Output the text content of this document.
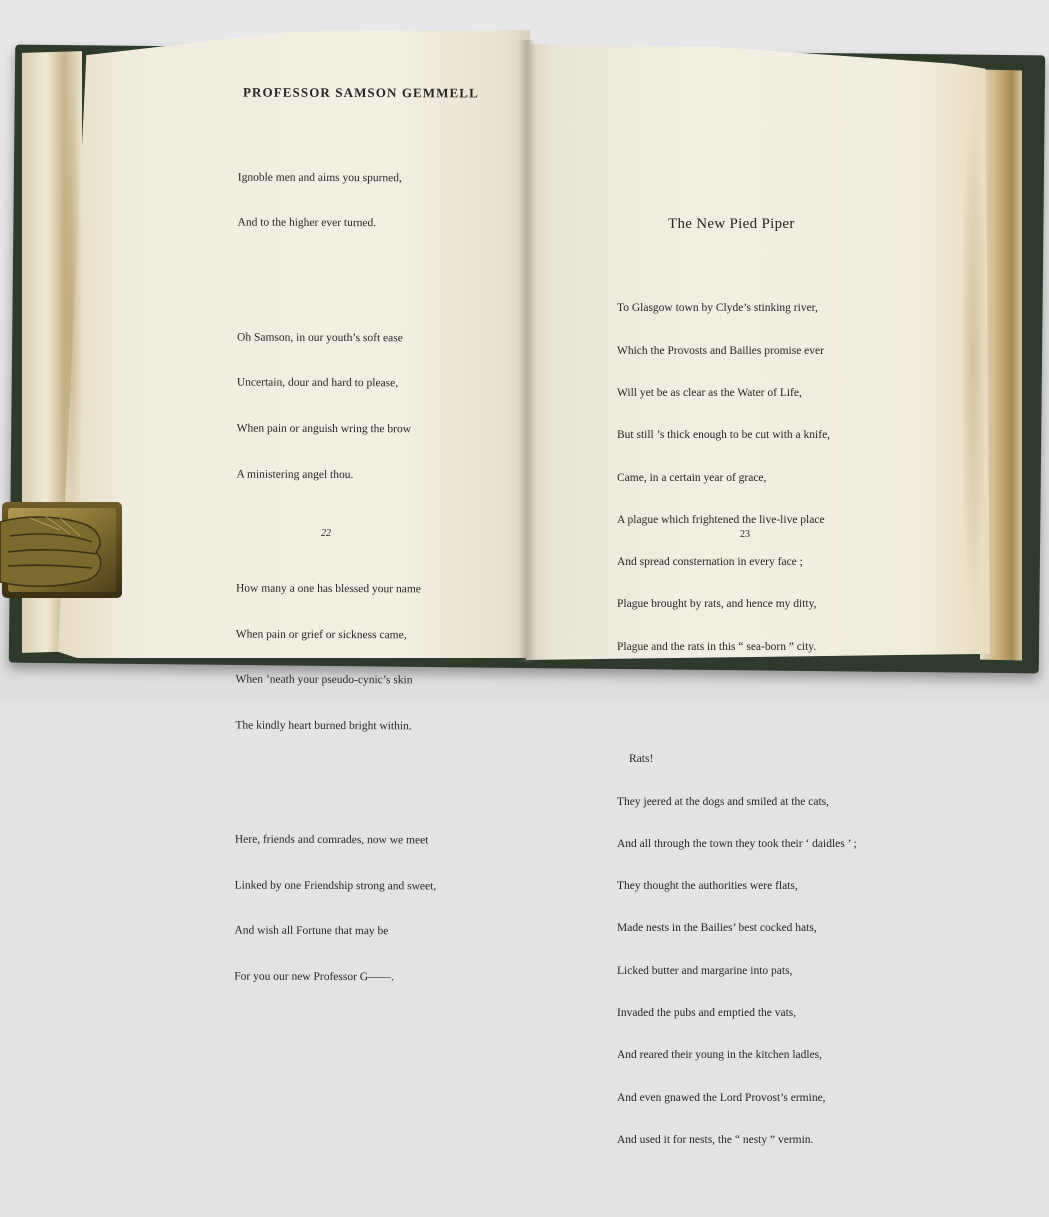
PROFESSOR SAMSON GEMMELL

Ignoble men and aims you spurned,

And to the higher ever turned.

Oh Samson, in our youth’s soft ease

Uncertain, dour and hard to please,

When pain or anguish wring the brow

A ministering angel thou.

How many a one has blessed your name

When pain or grief or sickness came,

When ’neath your pseudo-cynic’s skin

The kindly heart burned bright within.

Here, friends and comrades, now we meet

Linked by one Friendship strong and sweet,

And wish all Fortune that may be

For you our new Professor G——.

22
The New Pied Piper

To Glasgow town by Clyde’s stinking river,

Which the Provosts and Bailies promise ever

Will yet be as clear as the Water of Life,

But still ’s thick enough to be cut with a knife,

Came, in a certain year of grace,

A plague which frightened the live-live place

And spread consternation in every face ;

Plague brought by rats, and hence my ditty,

Plague and the rats in this “ sea-born ” city.

Rats!

They jeered at the dogs and smiled at the cats,

And all through the town they took their ‘ daidles ’ ;

They thought the authorities were flats,

Made nests in the Bailies’ best cocked hats,

Licked butter and margarine into pats,

Invaded the pubs and emptied the vats,

And reared their young in the kitchen ladles,

And even gnawed the Lord Provost’s ermine,

And used it for nests, the “ nesty ” vermin.

23
